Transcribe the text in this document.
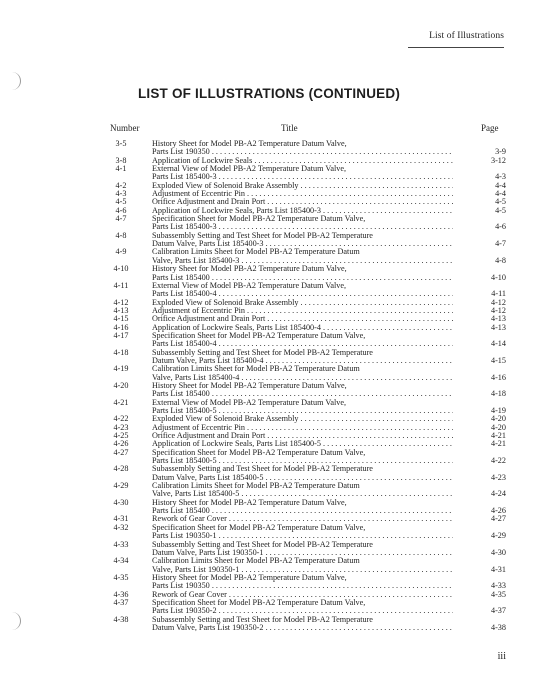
List of Illustrations
LIST OF ILLUSTRATIONS (CONTINUED)
Number	Title	Page
3-5	History Sheet for Model PB-A2 Temperature Datum Valve,
Parts List 190350 . . .	3-9
3-8	Application of Lockwire Seals . . .	3-12
4-1	External View of Model PB-A2 Temperature Datum Valve,
Parts List 185400-3 . . .	4-3
4-2	Exploded View of Solenoid Brake Assembly . . .	4-4
4-3	Adjustment of Eccentric Pin . . .	4-4
4-5	Orifice Adjustment and Drain Port . . .	4-5
4-6	Application of Lockwire Seals, Parts List 185400-3 . . .	4-5
4-7	Specification Sheet for Model PB-A2 Temperature Datum Valve,
Parts List 185400-3 . . .	4-6
4-8	Subassembly Setting and Test Sheet for Model PB-A2 Temperature
Datum Valve, Parts List 185400-3 . . .	4-7
4-9	Calibration Limits Sheet for Model PB-A2 Temperature Datum
Valve, Parts List 185400-3 . . .	4-8
4-10	History Sheet for Model PB-A2 Temperature Datum Valve,
Parts List 185400 . . .	4-10
4-11	External View of Model PB-A2 Temperature Datum Valve,
Parts List 185400-4 . . .	4-11
4-12	Exploded View of Solenoid Brake Assembly . . .	4-12
4-13	Adjustment of Eccentric Pin . . .	4-12
4-15	Orifice Adjustment and Drain Port . . .	4-13
4-16	Application of Lockwire Seals, Parts List 185400-4 . . .	4-13
4-17	Specification Sheet for Model PB-A2 Temperature Datum Valve,
Parts List 185400-4 . . .	4-14
4-18	Subassembly Setting and Test Sheet for Model PB-A2 Temperature
Datum Valve, Parts List 185400-4 . . .	4-15
4-19	Calibration Limits Sheet for Model PB-A2 Temperature Datum
Valve, Parts List 185400-4 . . .	4-16
4-20	History Sheet for Model PB-A2 Temperature Datum Valve,
Parts List 185400 . . .	4-18
4-21	External View of Model PB-A2 Temperature Datum Valve,
Parts List 185400-5 . . .	4-19
4-22	Exploded View of Solenoid Brake Assembly . . .	4-20
4-23	Adjustment of Eccentric Pin . . .	4-20
4-25	Orifice Adjustment and Drain Port . . .	4-21
4-26	Application of Lockwire Seals, Parts List 185400-5 . . .	4-21
4-27	Specification Sheet for Model PB-A2 Temperature Datum Valve,
Parts List 185400-5 . . .	4-22
4-28	Subassembly Setting and Test Sheet for Model PB-A2 Temperature
Datum Valve, Parts List 185400-5 . . .	4-23
4-29	Calibration Limits Sheet for Model PB-A2 Temperature Datum
Valve, Parts List 185400-5 . . .	4-24
4-30	History Sheet for Model PB-A2 Temperature Datum Valve,
Parts List 185400 . . .	4-26
4-31	Rework of Gear Cover . . .	4-27
4-32	Specification Sheet for Model PB-A2 Temperature Datum Valve,
Parts List 190350-1 . . .	4-29
4-33	Subassembly Setting and Test Sheet for Model PB-A2 Temperature
Datum Valve, Parts List 190350-1 . . .	4-30
4-34	Calibration Limits Sheet for Model PB-A2 Temperature Datum
Valve, Parts List 190350-1 . . .	4-31
4-35	History Sheet for Model PB-A2 Temperature Datum Valve,
Parts List 190350 . . .	4-33
4-36	Rework of Gear Cover . . .	4-35
4-37	Specification Sheet for Model PB-A2 Temperature Datum Valve,
Parts List 190350-2 . . .	4-37
4-38	Subassembly Setting and Test Sheet for Model PB-A2 Temperature
Datum Valve, Parts List 190350-2 . . .	4-38
iii
